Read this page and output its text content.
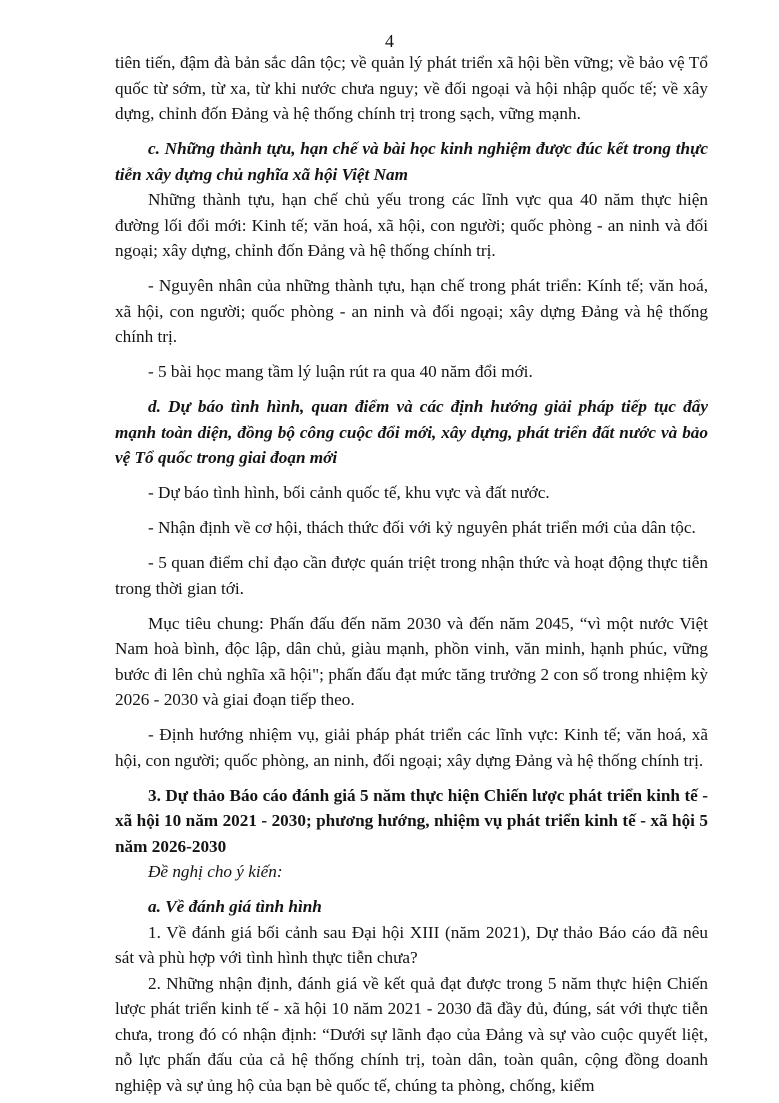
4

tiên tiến, đậm đà bản sắc dân tộc; về quản lý phát triển xã hội bền vững; về bảo vệ Tổ quốc từ sớm, từ xa, từ khi nước chưa nguy; về đối ngoại và hội nhập quốc tế; về xây dựng, chỉnh đốn Đảng và hệ thống chính trị trong sạch, vững mạnh.

c. Những thành tựu, hạn chế và bài học kinh nghiệm được đúc kết trong thực tiễn xây dựng chủ nghĩa xã hội Việt Nam

Những thành tựu, hạn chế chủ yếu trong các lĩnh vực qua 40 năm thực hiện đường lối đổi mới: Kinh tế; văn hoá, xã hội, con người; quốc phòng - an ninh và đối ngoại; xây dựng, chỉnh đốn Đảng và hệ thống chính trị.

- Nguyên nhân của những thành tựu, hạn chế trong phát triển: Kính tế; văn hoá, xã hội, con người; quốc phòng - an ninh và đối ngoại; xây dựng Đảng và hệ thống chính trị.

- 5 bài học mang tầm lý luận rút ra qua 40 năm đổi mới.

d. Dự báo tình hình, quan điểm và các định hướng giải pháp tiếp tục đẩy mạnh toàn diện, đồng bộ công cuộc đổi mới, xây dựng, phát triển đất nước và bảo vệ Tổ quốc trong giai đoạn mới

- Dự báo tình hình, bối cảnh quốc tế, khu vực và đất nước.

- Nhận định về cơ hội, thách thức đối với kỷ nguyên phát triển mới của dân tộc.

- 5 quan điểm chỉ đạo cần được quán triệt trong nhận thức và hoạt động thực tiễn trong thời gian tới.

Mục tiêu chung: Phấn đấu đến năm 2030 và đến năm 2045, “vì một nước Việt Nam hoà bình, độc lập, dân chủ, giàu mạnh, phồn vinh, văn minh, hạnh phúc, vững bước đi lên chủ nghĩa xã hội"; phấn đấu đạt mức tăng trưởng 2 con số trong nhiệm kỳ 2026 - 2030 và giai đoạn tiếp theo.

- Định hướng nhiệm vụ, giải pháp phát triển các lĩnh vực: Kinh tế; văn hoá, xã hội, con người; quốc phòng, an ninh, đối ngoại; xây dựng Đảng và hệ thống chính trị.

3. Dự thảo Báo cáo đánh giá 5 năm thực hiện Chiến lược phát triển kinh tế - xã hội 10 năm 2021 - 2030; phương hướng, nhiệm vụ phát triển kinh tế - xã hội 5 năm 2026-2030

Đề nghị cho ý kiến:

a. Về đánh giá tình hình

1. Về đánh giá bối cảnh sau Đại hội XIII (năm 2021), Dự thảo Báo cáo đã nêu sát và phù hợp với tình hình thực tiễn chưa?

2. Những nhận định, đánh giá về kết quả đạt được trong 5 năm thực hiện Chiến lược phát triển kinh tế - xã hội 10 năm 2021 - 2030 đã đầy đủ, đúng, sát với thực tiễn chưa, trong đó có nhận định: “Dưới sự lãnh đạo của Đảng và sự vào cuộc quyết liệt, nỗ lực phấn đấu của cả hệ thống chính trị, toàn dân, toàn quân, cộng đồng doanh nghiệp và sự ủng hộ của bạn bè quốc tế, chúng ta phòng, chống, kiểm
